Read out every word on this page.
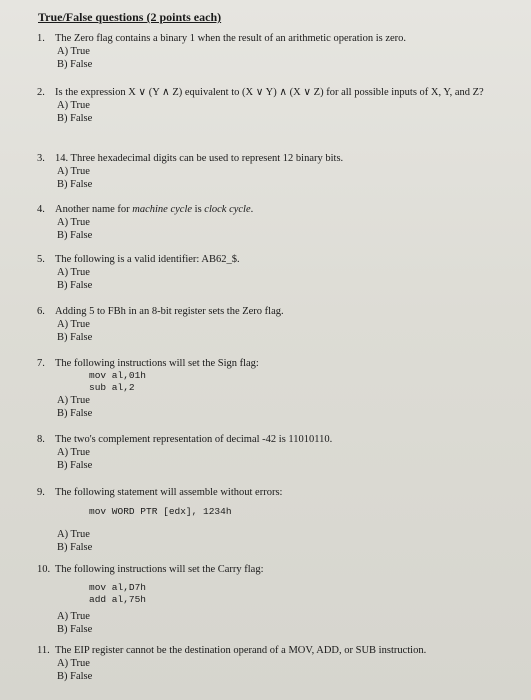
True/False questions (2 points each)
1. The Zero flag contains a binary 1 when the result of an arithmetic operation is zero.
A) True
B) False
2. Is the expression X ∨ (Y ∧ Z) equivalent to (X ∨ Y) ∧ (X ∨ Z) for all possible inputs of X, Y, and Z?
A) True
B) False
3. 14. Three hexadecimal digits can be used to represent 12 binary bits.
A) True
B) False
4. Another name for machine cycle is clock cycle.
A) True
B) False
5. The following is a valid identifier: AB62_$.
A) True
B) False
6. Adding 5 to FBh in an 8-bit register sets the Zero flag.
A) True
B) False
7. The following instructions will set the Sign flag:
mov al,01h
sub al,2
A) True
B) False
8. The two's complement representation of decimal -42 is 11010110.
A) True
B) False
9. The following statement will assemble without errors:
mov WORD PTR [edx], 1234h
A) True
B) False
10. The following instructions will set the Carry flag:
mov al,D7h
add al,75h
A) True
B) False
11. The EIP register cannot be the destination operand of a MOV, ADD, or SUB instruction.
A) True
B) False
